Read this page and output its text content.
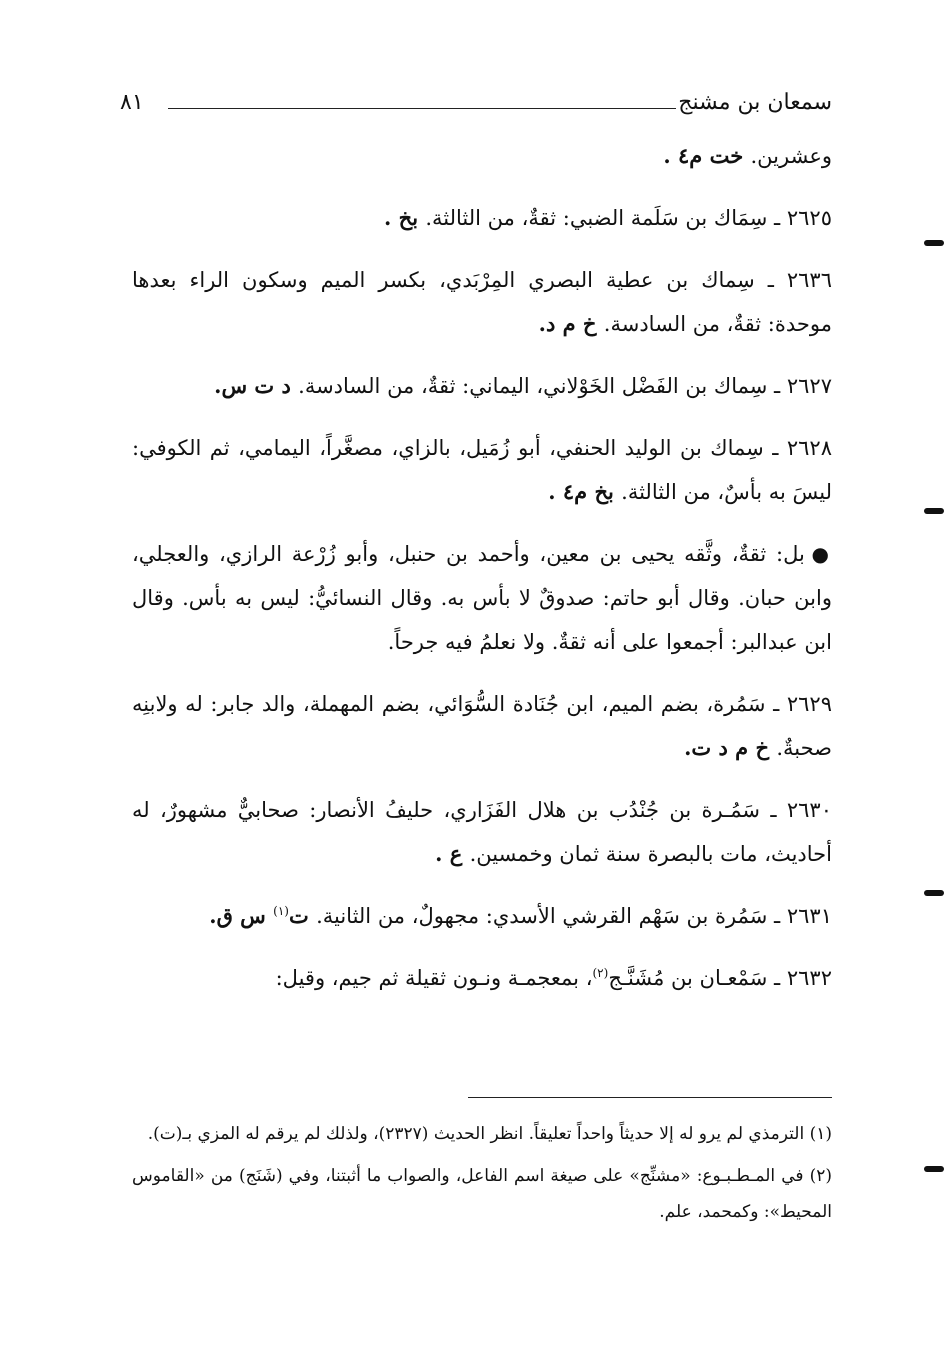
سمعان بن مشنج
٨١

وعشرين. خت م٤ .

٢٦٢٥ ـ سِمَاك بن سَلَمة الضبي: ثقةٌ، من الثالثة. بخ .

٢٦٣٦ ـ سِماك بن عطية البصري المِرْبَدي، بكسر الميم وسكون الراء بعدها موحدة: ثقةٌ، من السادسة. خ م د.

٢٦٢٧ ـ سِماك بن الفَضْل الخَوْلاني، اليماني: ثقةٌ، من السادسة. د ت س.

٢٦٢٨ ـ سِماك بن الوليد الحنفي، أبو زُمَيل، بالزاي، مصغَّراً، اليمامي، ثم الكوفي: ليسَ به بأسٌ، من الثالثة. بخ م٤ .

● بل: ثقةٌ، وثَّقه يحيى بن معين، وأحمد بن حنبل، وأبو زُرْعة الرازي، والعجلي، وابن حبان. وقال أبو حاتم: صدوقٌ لا بأس به. وقال النسائيُّ: ليس به بأس. وقال ابن عبدالبر: أجمعوا على أنه ثقةٌ. ولا نعلمُ فيه جرحاً.

٢٦٢٩ ـ سَمُرة، بضم الميم، ابن جُنَادة السُّوَائي، بضم المهملة، والد جابر: له ولابنِه صحبةٌ. خ م د ت.

٢٦٣٠ ـ سَمُـرة بن جُنْدُب بن هلال الفَزَاري، حليفُ الأنصار: صحابيٌّ مشهورٌ، له أحاديث، مات بالبصرة سنة ثمان وخمسين. ع .

٢٦٣١ ـ سَمُرة بن سَهْم القرشي الأسدي: مجهولٌ، من الثانية. ت$^{(١)}$ س ق.

٢٦٣٢ ـ سَمْعـان بن مُشَنَّـج$^{(٢)}$، بمعجمـة ونـون ثقيلة ثم جيم، وقيل:

(١) الترمذي لم يرو له إلا حديثاً واحداً تعليقاً. انظر الحديث (٢٣٢٧)، ولذلك لم يرقم له المزي بـ(ت).

(٢) في المـطـبـوع: «مشنِّج» على صيغة اسم الفاعل، والصواب ما أثبتنا، وفي (شَنَج) من «القاموس المحيط»: وكمحمد، علم.
